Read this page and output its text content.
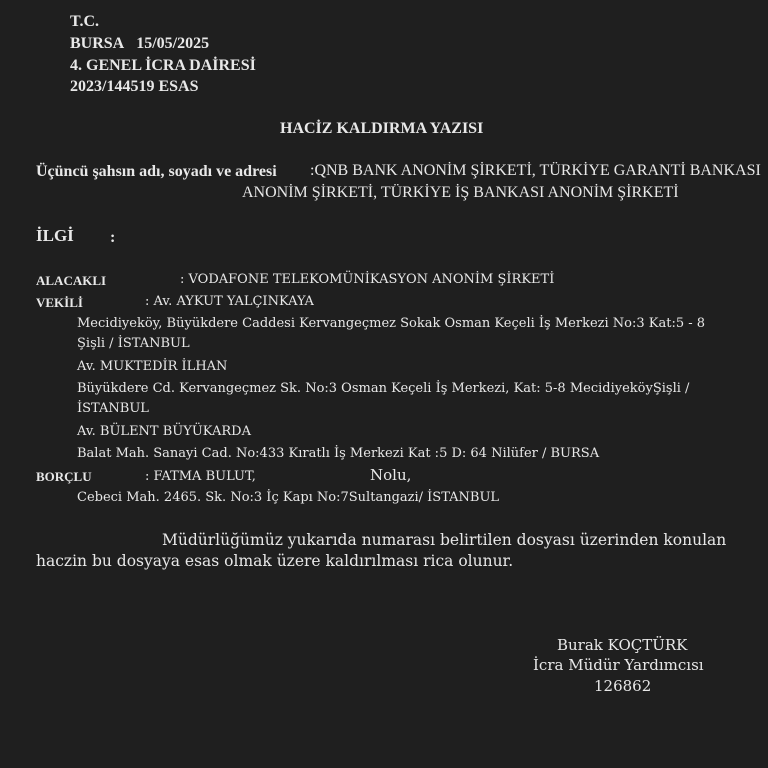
T.C.
BURSA 15/05/2025
4. GENEL İCRA DAİRESİ
2023/144519 ESAS
HACİZ KALDIRMA YAZISI
Üçüncü şahsın adı, soyadı ve adresi :QNB BANK ANONİM ŞİRKETİ, TÜRKİYE GARANTİ BANKASI
ANONİM ŞİRKETİ, TÜRKİYE İŞ BANKASI ANONİM ŞİRKETİ
İLGİ :
ALACAKLI	: VODAFONE TELEKOMÜNİKASYON ANONİM ŞİRKETİ
VEKİLİ	: Av. AYKUT YALÇINKAYA
Mecidiyeköy, Büyükdere Caddesi Kervangeçmez Sokak Osman Keçeli İş Merkezi No:3 Kat:5 - 8
Şişli / İSTANBUL
Av. MUKTEDİR İLHAN
Büyükdere Cd. Kervangeçmez Sk. No:3 Osman Keçeli İş Merkezi, Kat: 5-8 MecidiyeköyŞişli /
İSTANBUL
Av. BÜLENT BÜYÜKARDA
Balat Mah. Sanayi Cad. No:433 Kıratlı İş Merkezi Kat :5 D: 64 Nilüfer / BURSA
BORÇLU	: FATMA BULUT,	Nolu,
Cebeci Mah. 2465. Sk. No:3 İç Kapı No:7Sultangazi/ İSTANBUL
Müdürlüğümüz yukarıda numarası belirtilen dosyası üzerinden konulan
haczin bu dosyaya esas olmak üzere kaldırılması rica olunur.
Burak KOÇTÜRK
İcra Müdür Yardımcısı
126862
